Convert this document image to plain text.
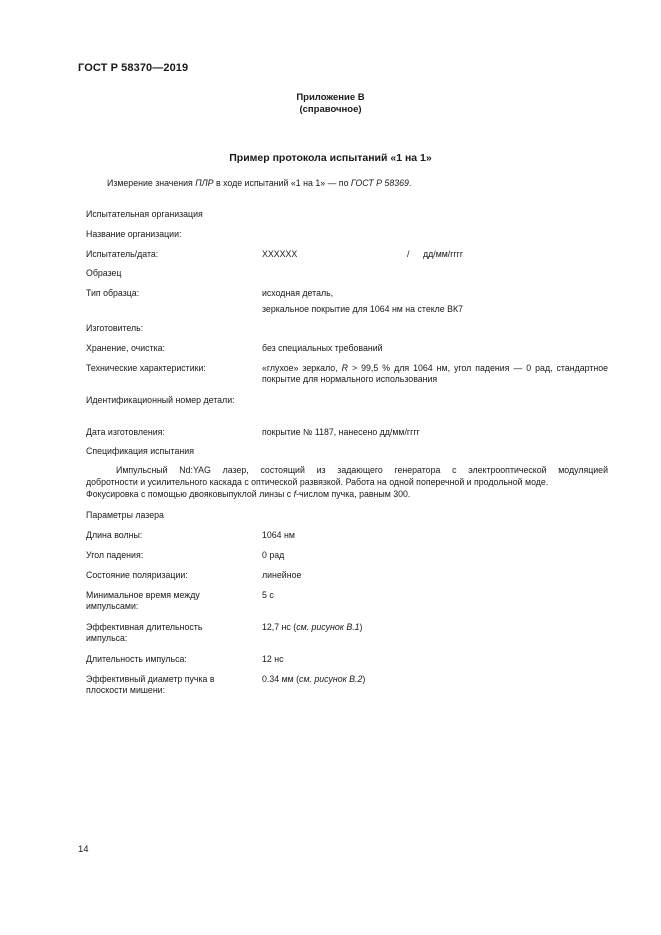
ГОСТ Р 58370—2019
Приложение В
(справочное)
Пример протокола испытаний «1 на 1»
Измерение значения ПЛР в ходе испытаний «1 на 1» — по ГОСТ Р 58369.
Испытательная организация
Название организации:
Испытатель/дата:	XXXXXX	/ дд/мм/гггг
Образец
Тип образца:	исходная деталь,
зеркальное покрытие для 1064 нм на стекле ВК7
Изготовитель:
Хранение, очистка:	без специальных требований
Технические характеристики:	«глухое» зеркало, R > 99,5 % для 1064 нм, угол падения — 0 рад, стандартное покрытие для нормального использования
Идентификационный номер детали:
Дата изготовления:	покрытие № 1187, нанесено дд/мм/гггг
Спецификация испытания
Импульсный Nd:YAG лазер, состоящий из задающего генератора с электрооптической модуляцией
добротности и усилительного каскада с оптической развязкой. Работа на одной поперечной и продольной моде.
Фокусировка с помощью двояковыпуклой линзы с f-числом пучка, равным 300.
Параметры лазера
Длина волны:	1064 нм
Угол падения:	0 рад
Состояние поляризации:	линейное
Минимальное время между импульсами:
5 с
Эффективная длительность импульса:
12,7 нс (см. рисунок В.1)
Длительность импульса:	12 нс
Эффективный диаметр пучка в плоскости мишени:
0.34 мм (см. рисунок В.2)
14
